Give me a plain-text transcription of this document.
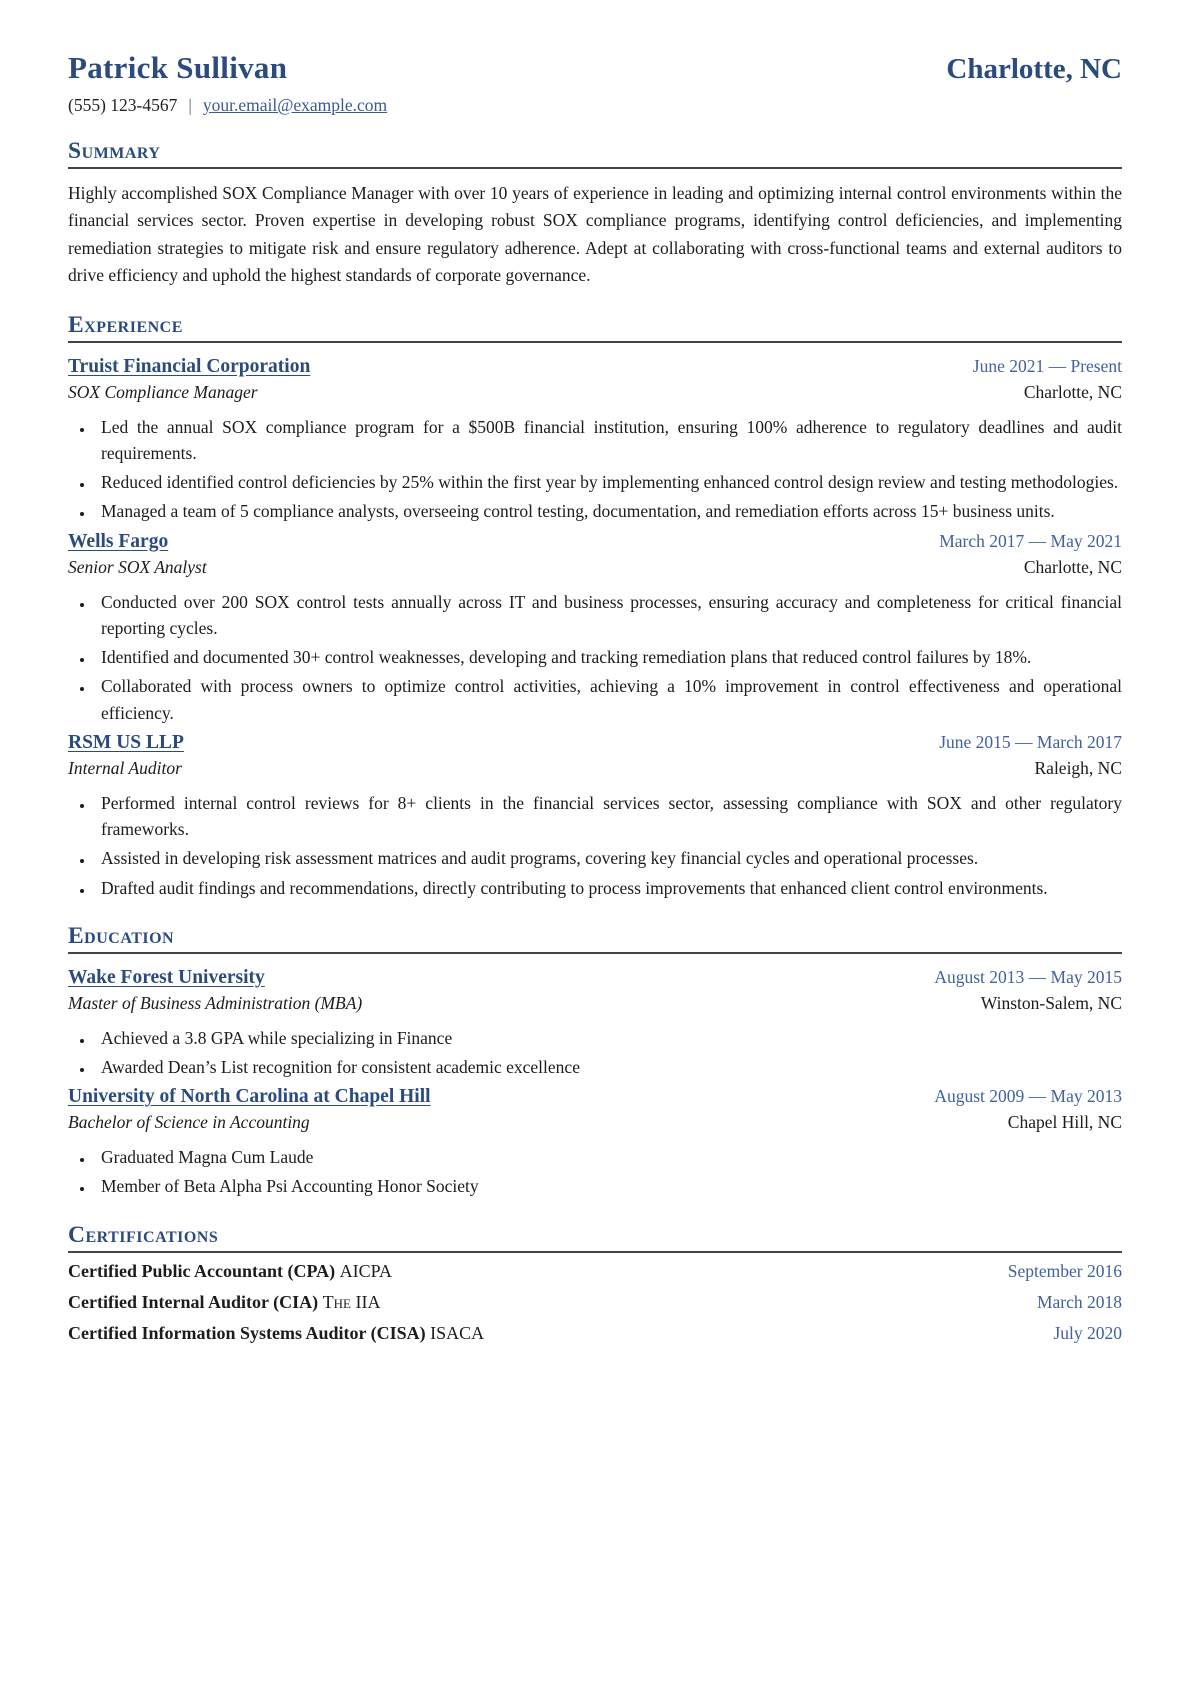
Patrick Sullivan	Charlotte, NC
(555) 123-4567 | your.email@example.com
Summary
Highly accomplished SOX Compliance Manager with over 10 years of experience in leading and optimizing internal control environments within the financial services sector. Proven expertise in developing robust SOX compliance programs, identifying control deficiencies, and implementing remediation strategies to mitigate risk and ensure regulatory adherence. Adept at collaborating with cross-functional teams and external auditors to drive efficiency and uphold the highest standards of corporate governance.
Experience
Truist Financial Corporation	June 2021 — Present
SOX Compliance Manager	Charlotte, NC
• Led the annual SOX compliance program for a $500B financial institution, ensuring 100% adherence to regulatory deadlines and audit requirements.
• Reduced identified control deficiencies by 25% within the first year by implementing enhanced control design review and testing methodologies.
• Managed a team of 5 compliance analysts, overseeing control testing, documentation, and remediation efforts across 15+ business units.
Wells Fargo	March 2017 — May 2021
Senior SOX Analyst	Charlotte, NC
• Conducted over 200 SOX control tests annually across IT and business processes, ensuring accuracy and completeness for critical financial reporting cycles.
• Identified and documented 30+ control weaknesses, developing and tracking remediation plans that reduced control failures by 18%.
• Collaborated with process owners to optimize control activities, achieving a 10% improvement in control effectiveness and operational efficiency.
RSM US LLP	June 2015 — March 2017
Internal Auditor	Raleigh, NC
• Performed internal control reviews for 8+ clients in the financial services sector, assessing compliance with SOX and other regulatory frameworks.
• Assisted in developing risk assessment matrices and audit programs, covering key financial cycles and operational processes.
• Drafted audit findings and recommendations, directly contributing to process improvements that enhanced client control environments.
Education
Wake Forest University	August 2013 — May 2015
Master of Business Administration (MBA)	Winston-Salem, NC
• Achieved a 3.8 GPA while specializing in Finance
• Awarded Dean’s List recognition for consistent academic excellence
University of North Carolina at Chapel Hill	August 2009 — May 2013
Bachelor of Science in Accounting	Chapel Hill, NC
• Graduated Magna Cum Laude
• Member of Beta Alpha Psi Accounting Honor Society
Certifications
Certified Public Accountant (CPA) AICPA	September 2016
Certified Internal Auditor (CIA) The IIA	March 2018
Certified Information Systems Auditor (CISA) ISACA	July 2020
